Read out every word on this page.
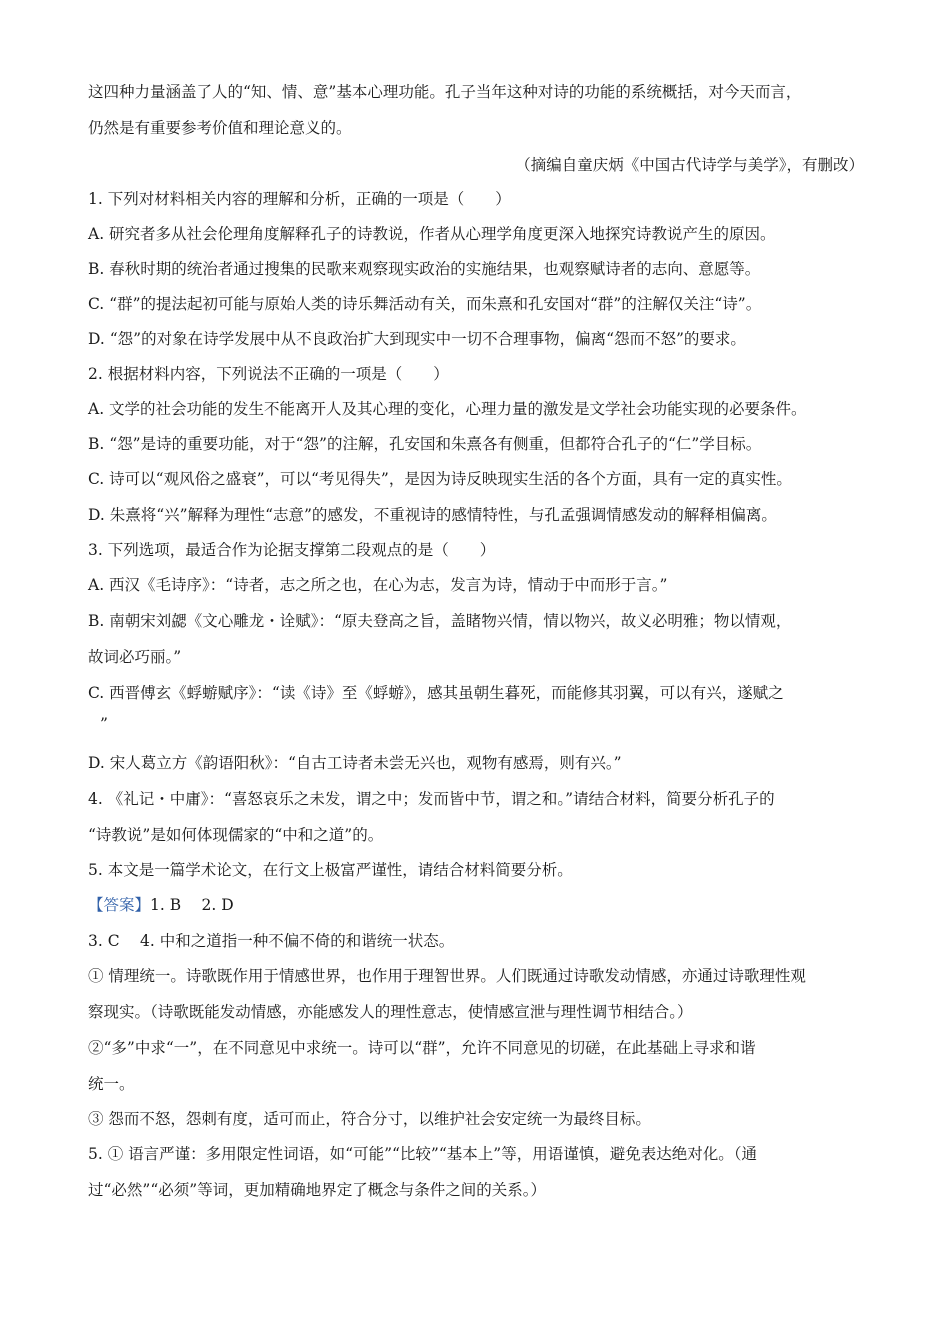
这四种力量涵盖了人的“知、情、意”基本心理功能。孔子当年这种对诗的功能的系统概括，对今天而言，
仍然是有重要参考价值和理论意义的。
（摘编自童庆炳《中国古代诗学与美学》，有删改）
1. 下列对材料相关内容的理解和分析，正确的一项是（　　）
A. 研究者多从社会伦理角度解释孔子的诗教说，作者从心理学角度更深入地探究诗教说产生的原因。
B. 春秋时期的统治者通过搜集的民歌来观察现实政治的实施结果，也观察赋诗者的志向、意愿等。
C. “群”的提法起初可能与原始人类的诗乐舞活动有关，而朱熹和孔安国对“群”的注解仅关注“诗”。
D. “怨”的对象在诗学发展中从不良政治扩大到现实中一切不合理事物，偏离“怨而不怒”的要求。
2. 根据材料内容，下列说法不正确的一项是（　　）
A. 文学的社会功能的发生不能离开人及其心理的变化，心理力量的激发是文学社会功能实现的必要条件。
B. “怨”是诗的重要功能，对于“怨”的注解，孔安国和朱熹各有侧重，但都符合孔子的“仁”学目标。
C. 诗可以“观风俗之盛衰”，可以“考见得失”，是因为诗反映现实生活的各个方面，具有一定的真实性。
D. 朱熹将“兴”解释为理性“志意”的感发，不重视诗的感情特性，与孔孟强调情感发动的解释相偏离。
3. 下列选项，最适合作为论据支撑第二段观点的是（　　）
A. 西汉《毛诗序》：“诗者，志之所之也，在心为志，发言为诗，情动于中而形于言。”
B. 南朝宋刘勰《文心雕龙・诠赋》：“原夫登高之旨，盖睹物兴情，情以物兴，故义必明雅；物以情观，
故词必巧丽。”
C. 西晋傅玄《蜉蝣赋序》：“读《诗》至《蜉蝣》，感其虽朝生暮死，而能修其羽翼，可以有兴，遂赋之
”
D. 宋人葛立方《韵语阳秋》：“自古工诗者未尝无兴也，观物有感焉，则有兴。”
4. 《礼记・中庸》：“喜怒哀乐之未发，谓之中；发而皆中节，谓之和。”请结合材料，简要分析孔子的
“诗教说”是如何体现儒家的“中和之道”的。
5. 本文是一篇学术论文，在行文上极富严谨性，请结合材料简要分析。
【答案】1. B　 2. D
3. C　 4. 中和之道指一种不偏不倚的和谐统一状态。
① 情理统一。诗歌既作用于情感世界，也作用于理智世界。人们既通过诗歌发动情感，亦通过诗歌理性观
察现实。（诗歌既能发动情感，亦能感发人的理性意志，使情感宣泄与理性调节相结合。）
②“多”中求“一”，在不同意见中求统一。诗可以“群”，允许不同意见的切磋，在此基础上寻求和谐
统一。
③ 怨而不怒，怨刺有度，适可而止，符合分寸，以维护社会安定统一为最终目标。
5. ① 语言严谨：多用限定性词语，如“可能”“比较”“基本上”等，用语谨慎，避免表达绝对化。（通
过“必然”“必须”等词，更加精确地界定了概念与条件之间的关系。）
